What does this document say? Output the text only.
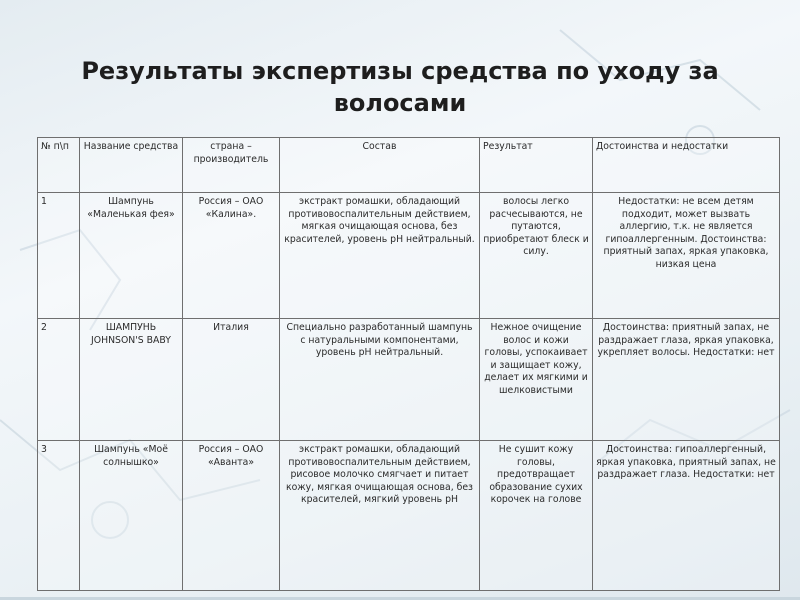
Результаты экспертизы средства по уходу за волосами
№ п\п	Название средства	страна – производитель	Состав	Результат	Достоинства и недостатки
1	Шампунь «Маленькая фея»	Россия – ОАО «Калина».	экстракт ромашки, обладающий противовоспалительным действием, мягкая очищающая основа, без красителей, уровень рН нейтральный.	волосы легко расчесываются, не путаются, приобретают блеск и силу.	Недостатки: не всем детям подходит, может вызвать аллергию, т.к. не является гипоаллергенным. Достоинства: приятный запах, яркая упаковка, низкая цена
2	ШАМПУНЬ JOHNSON'S BABY	Италия	Специально разработанный шампунь с натуральными компонентами, уровень рН нейтральный.	Нежное очищение волос и кожи головы, успокаивает и защищает кожу, делает их мягкими и шелковистыми	Достоинства: приятный запах, не раздражает глаза, яркая упаковка, укрепляет волосы. Недостатки: нет
3	Шампунь «Моё солнышко»	Россия – ОАО «Аванта»	экстракт ромашки, обладающий противовоспалительным действием, рисовое молочко смягчает и питает кожу, мягкая очищающая основа, без красителей, мягкий уровень рН	Не сушит кожу головы, предотвращает образование сухих корочек на голове	Достоинства: гипоаллергенный, яркая упаковка, приятный запах, не раздражает глаза. Недостатки: нет
